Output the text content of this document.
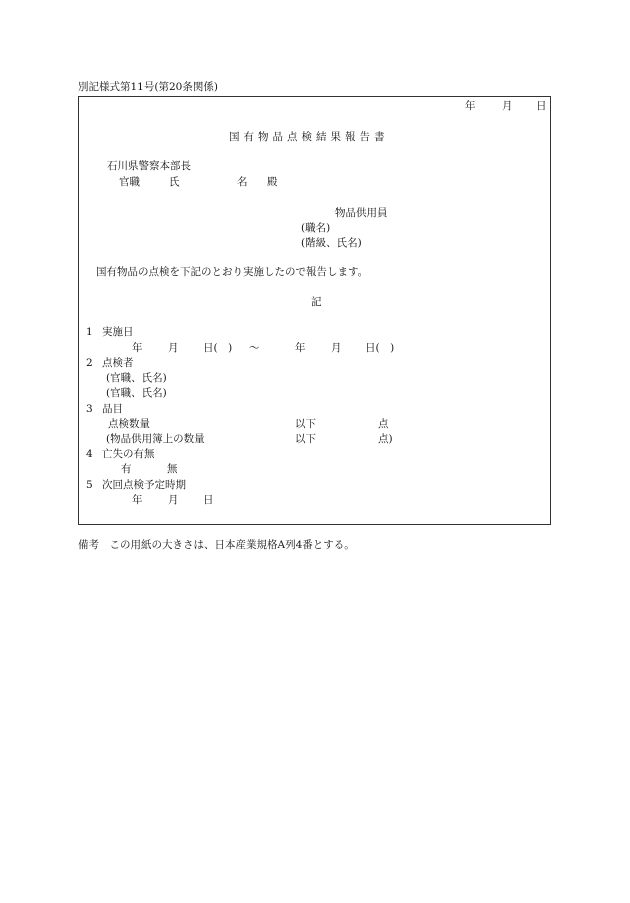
別記様式第11号(第20条関係)
年	月 日
国有物品点検結果報告書
石川県警察本部長
官職	氏	名 殿
物品供用員
(職名)
(階級、氏名)
国有物品の点検を下記のとおり実施したので報告します。
記
1 実施日
年 月 日(　) 〜	年 月 日(　)
2 点検者
(官職、氏名)
(官職、氏名)
3 品目
点検数量	以下	点
(物品供用簿上の数量	以下	点)
4 亡失の有無
有	無
5 次回点検予定時期
年 月 日
備考　この用紙の大きさは、日本産業規格A列4番とする。
